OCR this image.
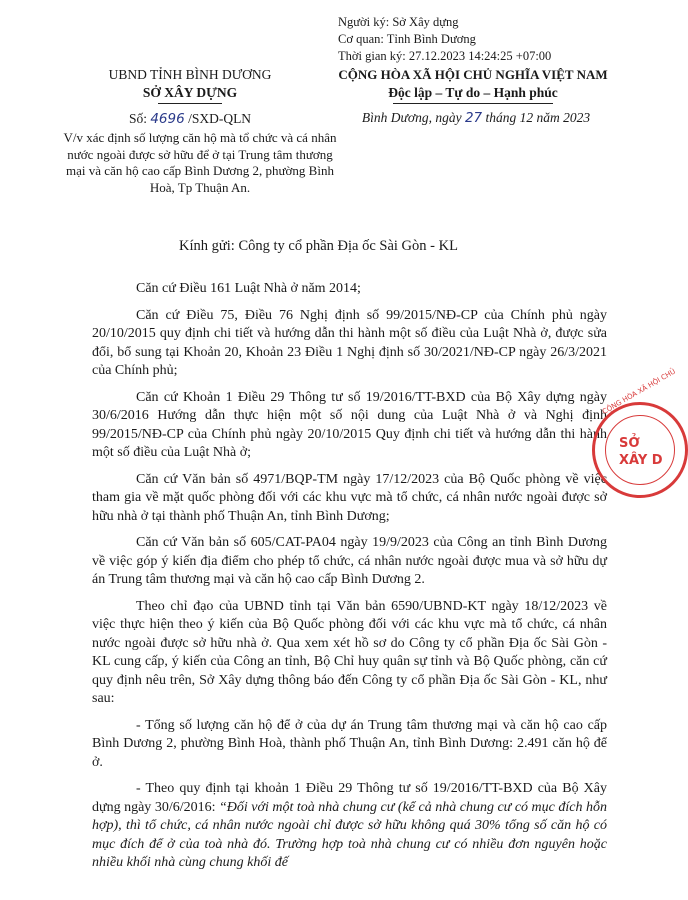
Người ký: Sở Xây dựng
Cơ quan: Tỉnh Bình Dương
Thời gian ký: 27.12.2023 14:24:25 +07:00
UBND TỈNH BÌNH DƯƠNG
SỞ XÂY DỰNG
Số: 4696 /SXD-QLN
V/v xác định số lượng căn hộ mà tổ chức và cá nhân nước ngoài được sở hữu để ở tại Trung tâm thương mại và căn hộ cao cấp Bình Dương 2, phường Bình Hoà, Tp Thuận An.
CỘNG HÒA XÃ HỘI CHỦ NGHĨA VIỆT NAM
Độc lập – Tự do – Hạnh phúc
Bình Dương, ngày 27 tháng 12 năm 2023
Kính gửi: Công ty cổ phần Địa ốc Sài Gòn - KL

Căn cứ Điều 161 Luật Nhà ở năm 2014;

Căn cứ Điều 75, Điều 76 Nghị định số 99/2015/NĐ-CP của Chính phủ ngày 20/10/2015 quy định chi tiết và hướng dẫn thi hành một số điều của Luật Nhà ở, được sửa đổi, bổ sung tại Khoản 20, Khoản 23 Điều 1 Nghị định số 30/2021/NĐ-CP ngày 26/3/2021 của Chính phủ;

Căn cứ Khoản 1 Điều 29 Thông tư số 19/2016/TT-BXD của Bộ Xây dựng ngày 30/6/2016 Hướng dẫn thực hiện một số nội dung của Luật Nhà ở và Nghị định 99/2015/NĐ-CP của Chính phủ ngày 20/10/2015 Quy định chi tiết và hướng dẫn thi hành một số điều của Luật Nhà ở;

Căn cứ Văn bản số 4971/BQP-TM ngày 17/12/2023 của Bộ Quốc phòng về việc tham gia về mặt quốc phòng đối với các khu vực mà tổ chức, cá nhân nước ngoài được sở hữu nhà ở tại thành phố Thuận An, tỉnh Bình Dương;

Căn cứ Văn bản số 605/CAT-PA04 ngày 19/9/2023 của Công an tỉnh Bình Dương về việc góp ý kiến địa điểm cho phép tổ chức, cá nhân nước ngoài được mua và sở hữu dự án Trung tâm thương mại và căn hộ cao cấp Bình Dương 2.

Theo chỉ đạo của UBND tỉnh tại Văn bản 6590/UBND-KT ngày 18/12/2023 về việc thực hiện theo ý kiến của Bộ Quốc phòng đối với các khu vực mà tổ chức, cá nhân nước ngoài được sở hữu nhà ở. Qua xem xét hồ sơ do Công ty cổ phần Địa ốc Sài Gòn - KL cung cấp, ý kiến của Công an tỉnh, Bộ Chỉ huy quân sự tỉnh và Bộ Quốc phòng, căn cứ quy định nêu trên, Sở Xây dựng thông báo đến Công ty cổ phần Địa ốc Sài Gòn - KL, như sau:

- Tổng số lượng căn hộ để ở của dự án Trung tâm thương mại và căn hộ cao cấp Bình Dương 2, phường Bình Hoà, thành phố Thuận An, tỉnh Bình Dương: 2.491 căn hộ để ở.

- Theo quy định tại khoản 1 Điều 29 Thông tư số 19/2016/TT-BXD của Bộ Xây dựng ngày 30/6/2016: “Đối với một toà nhà chung cư (kể cả nhà chung cư có mục đích hỗn hợp), thì tổ chức, cá nhân nước ngoài chỉ được sở hữu không quá 30% tổng số căn hộ có mục đích để ở của toà nhà đó. Trường hợp toà nhà chung cư có nhiều đơn nguyên hoặc nhiều khối nhà cùng chung khối đế

CỘNG HÒA XÃ HỘI CHỦ
SỞ
XÂY D
